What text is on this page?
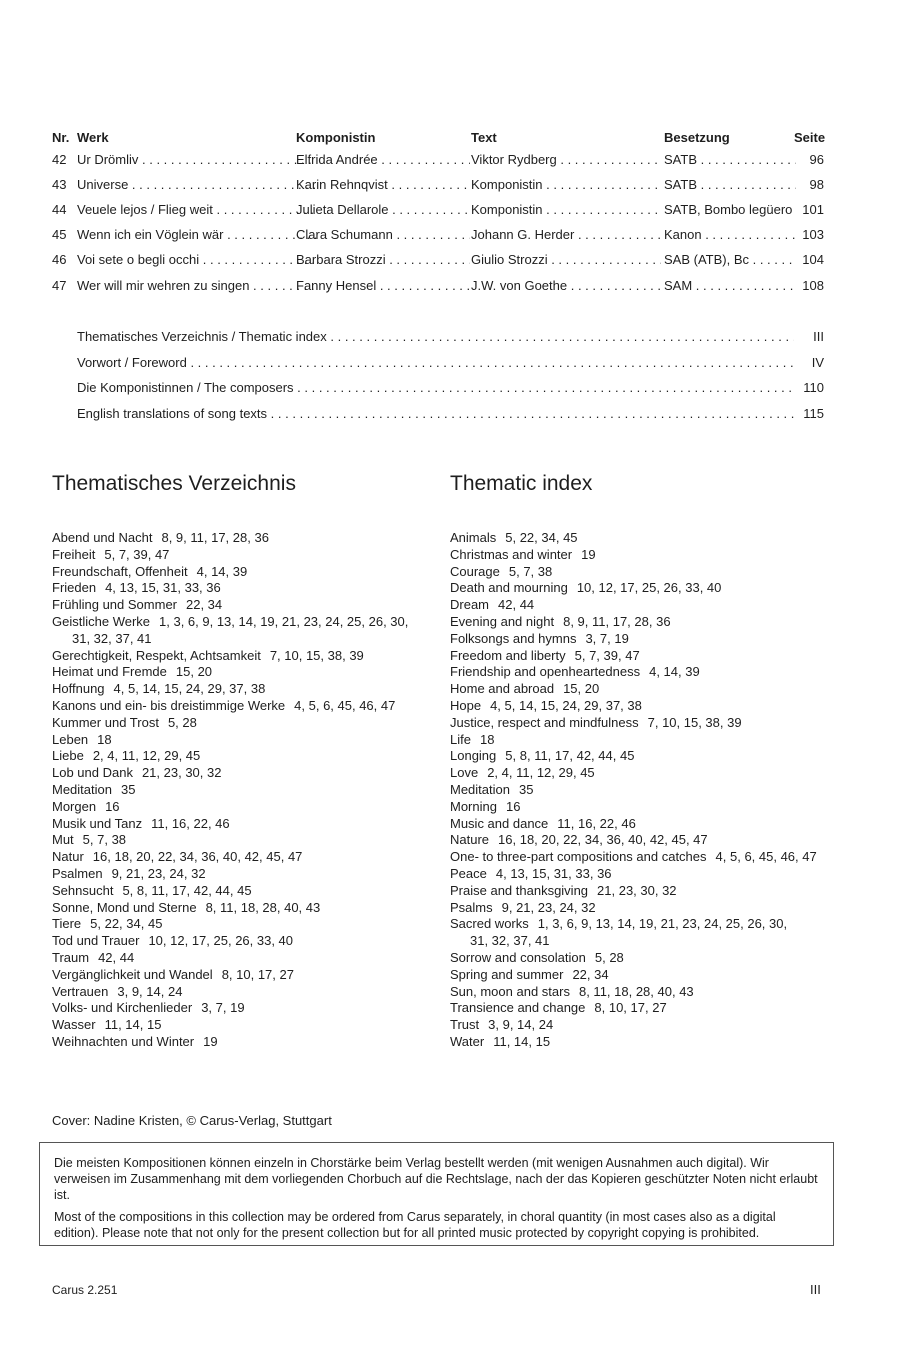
Nr. Werk	Komponistin	Text	Besetzung	Seite
42 Ur Drömliv . . .	Elfrida Andrée . . .	Viktor Rydberg . . .	SATB . . .	96
43 Universe . . .	Karin Rehnqvist . . .	Komponistin . . .	SATB . . .	98
44 Veuele lejos / Flieg weit . . .	Julieta Dellarole . . .	Komponistin . . .	SATB, Bombo legüero 101
45 Wenn ich ein Vöglein wär . . .	Clara Schumann . . .	Johann G. Herder . . .	Kanon . . .	103
46 Voi sete o begli occhi . . .	Barbara Strozzi . . .	Giulio Strozzi . . .	SAB (ATB), Bc . . .	104
47 Wer will mir wehren zu singen . . .	Fanny Hensel . . .	J.W. von Goethe . . .	SAM . . .	108
Thematisches Verzeichnis / Thematic index . . .	III
Vorwort / Foreword . . .	IV
Die Komponistinnen / The composers . . .	110
English translations of song texts . . .	115
Thematisches Verzeichnis	Thematic index
Abend und Nacht 8, 9, 11, 17, 28, 36
Freiheit 5, 7, 39, 47
Freundschaft, Offenheit 4, 14, 39
Frieden 4, 13, 15, 31, 33, 36
Frühling und Sommer 22, 34
Geistliche Werke 1, 3, 6, 9, 13, 14, 19, 21, 23, 24, 25, 26, 30,
31, 32, 37, 41
Gerechtigkeit, Respekt, Achtsamkeit 7, 10, 15, 38, 39
Heimat und Fremde 15, 20
Hoffnung 4, 5, 14, 15, 24, 29, 37, 38
Kanons und ein- bis dreistimmige Werke 4, 5, 6, 45, 46, 47
Kummer und Trost 5, 28
Leben 18
Liebe 2, 4, 11, 12, 29, 45
Lob und Dank 21, 23, 30, 32
Meditation 35
Morgen 16
Musik und Tanz 11, 16, 22, 46
Mut 5, 7, 38
Natur 16, 18, 20, 22, 34, 36, 40, 42, 45, 47
Psalmen 9, 21, 23, 24, 32
Sehnsucht 5, 8, 11, 17, 42, 44, 45
Sonne, Mond und Sterne 8, 11, 18, 28, 40, 43
Tiere 5, 22, 34, 45
Tod und Trauer 10, 12, 17, 25, 26, 33, 40
Traum 42, 44
Vergänglichkeit und Wandel 8, 10, 17, 27
Vertrauen 3, 9, 14, 24
Volks- und Kirchenlieder 3, 7, 19
Wasser 11, 14, 15
Weihnachten und Winter 19
Animals 5, 22, 34, 45
Christmas and winter 19
Courage 5, 7, 38
Death and mourning 10, 12, 17, 25, 26, 33, 40
Dream 42, 44
Evening and night 8, 9, 11, 17, 28, 36
Folksongs and hymns 3, 7, 19
Freedom and liberty 5, 7, 39, 47
Friendship and openheartedness 4, 14, 39
Home and abroad 15, 20
Hope 4, 5, 14, 15, 24, 29, 37, 38
Justice, respect and mindfulness 7, 10, 15, 38, 39
Life 18
Longing 5, 8, 11, 17, 42, 44, 45
Love 2, 4, 11, 12, 29, 45
Meditation 35
Morning 16
Music and dance 11, 16, 22, 46
Nature 16, 18, 20, 22, 34, 36, 40, 42, 45, 47
One- to three-part compositions and catches 4, 5, 6, 45, 46, 47
Peace 4, 13, 15, 31, 33, 36
Praise and thanksgiving 21, 23, 30, 32
Psalms 9, 21, 23, 24, 32
Sacred works 1, 3, 6, 9, 13, 14, 19, 21, 23, 24, 25, 26, 30,
31, 32, 37, 41
Sorrow and consolation 5, 28
Spring and summer 22, 34
Sun, moon and stars 8, 11, 18, 28, 40, 43
Transience and change 8, 10, 17, 27
Trust 3, 9, 14, 24
Water 11, 14, 15
Cover: Nadine Kristen, © Carus-Verlag, Stuttgart

Die meisten Kompositionen können einzeln in Chorstärke beim Verlag bestellt werden (mit wenigen Ausnahmen auch digital). Wir verweisen im Zusammenhang mit dem vorliegenden Chorbuch auf die Rechtslage, nach der das Kopieren geschützter Noten nicht erlaubt ist.

Most of the compositions in this collection may be ordered from Carus separately, in choral quantity (in most cases also as a digital edition). Please note that not only for the present collection but for all printed music protected by copyright copying is prohibited.

Carus 2.251	III
